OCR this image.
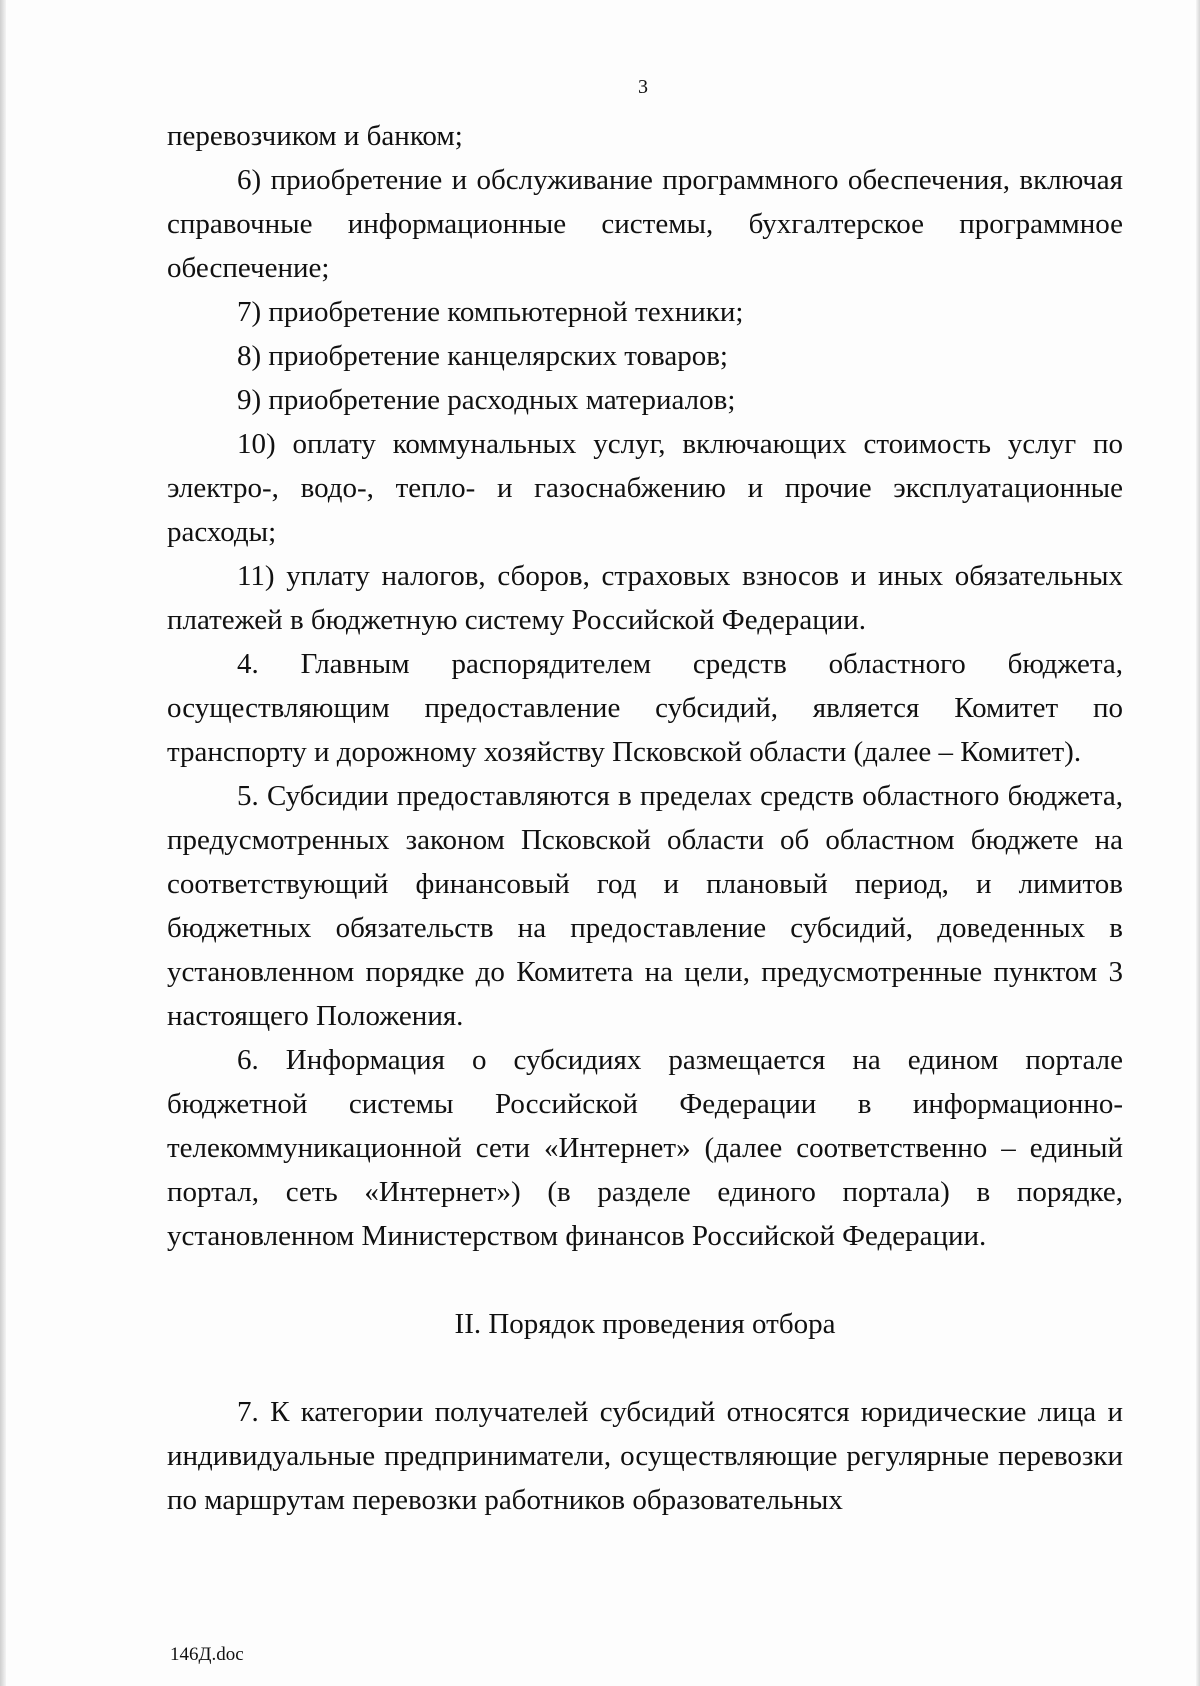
3

перевозчиком и банком;

6) приобретение и обслуживание программного обеспечения, включая справочные информационные системы, бухгалтерское программное обеспечение;

7) приобретение компьютерной техники;

8) приобретение канцелярских товаров;

9) приобретение расходных материалов;

10) оплату коммунальных услуг, включающих стоимость услуг по электро-, водо-, тепло- и газоснабжению и прочие эксплуатационные расходы;

11) уплату налогов, сборов, страховых взносов и иных обязательных платежей в бюджетную систему Российской Федерации.

4. Главным распорядителем средств областного бюджета, осуществляющим предоставление субсидий, является Комитет по транспорту и дорожному хозяйству Псковской области (далее – Комитет).

5. Субсидии предоставляются в пределах средств областного бюджета, предусмотренных законом Псковской области об областном бюджете на соответствующий финансовый год и плановый период, и лимитов бюджетных обязательств на предоставление субсидий, доведенных в установленном порядке до Комитета на цели, предусмотренные пунктом 3 настоящего Положения.

6. Информация о субсидиях размещается на едином портале бюджетной системы Российской Федерации в информационно-телекоммуникационной сети «Интернет» (далее соответственно – единый портал, сеть «Интернет») (в разделе единого портала) в порядке, установленном Министерством финансов Российской Федерации.

II. Порядок проведения отбора

7. К категории получателей субсидий относятся юридические лица и индивидуальные предприниматели, осуществляющие регулярные перевозки по маршрутам перевозки работников образовательных

146Д.doc
